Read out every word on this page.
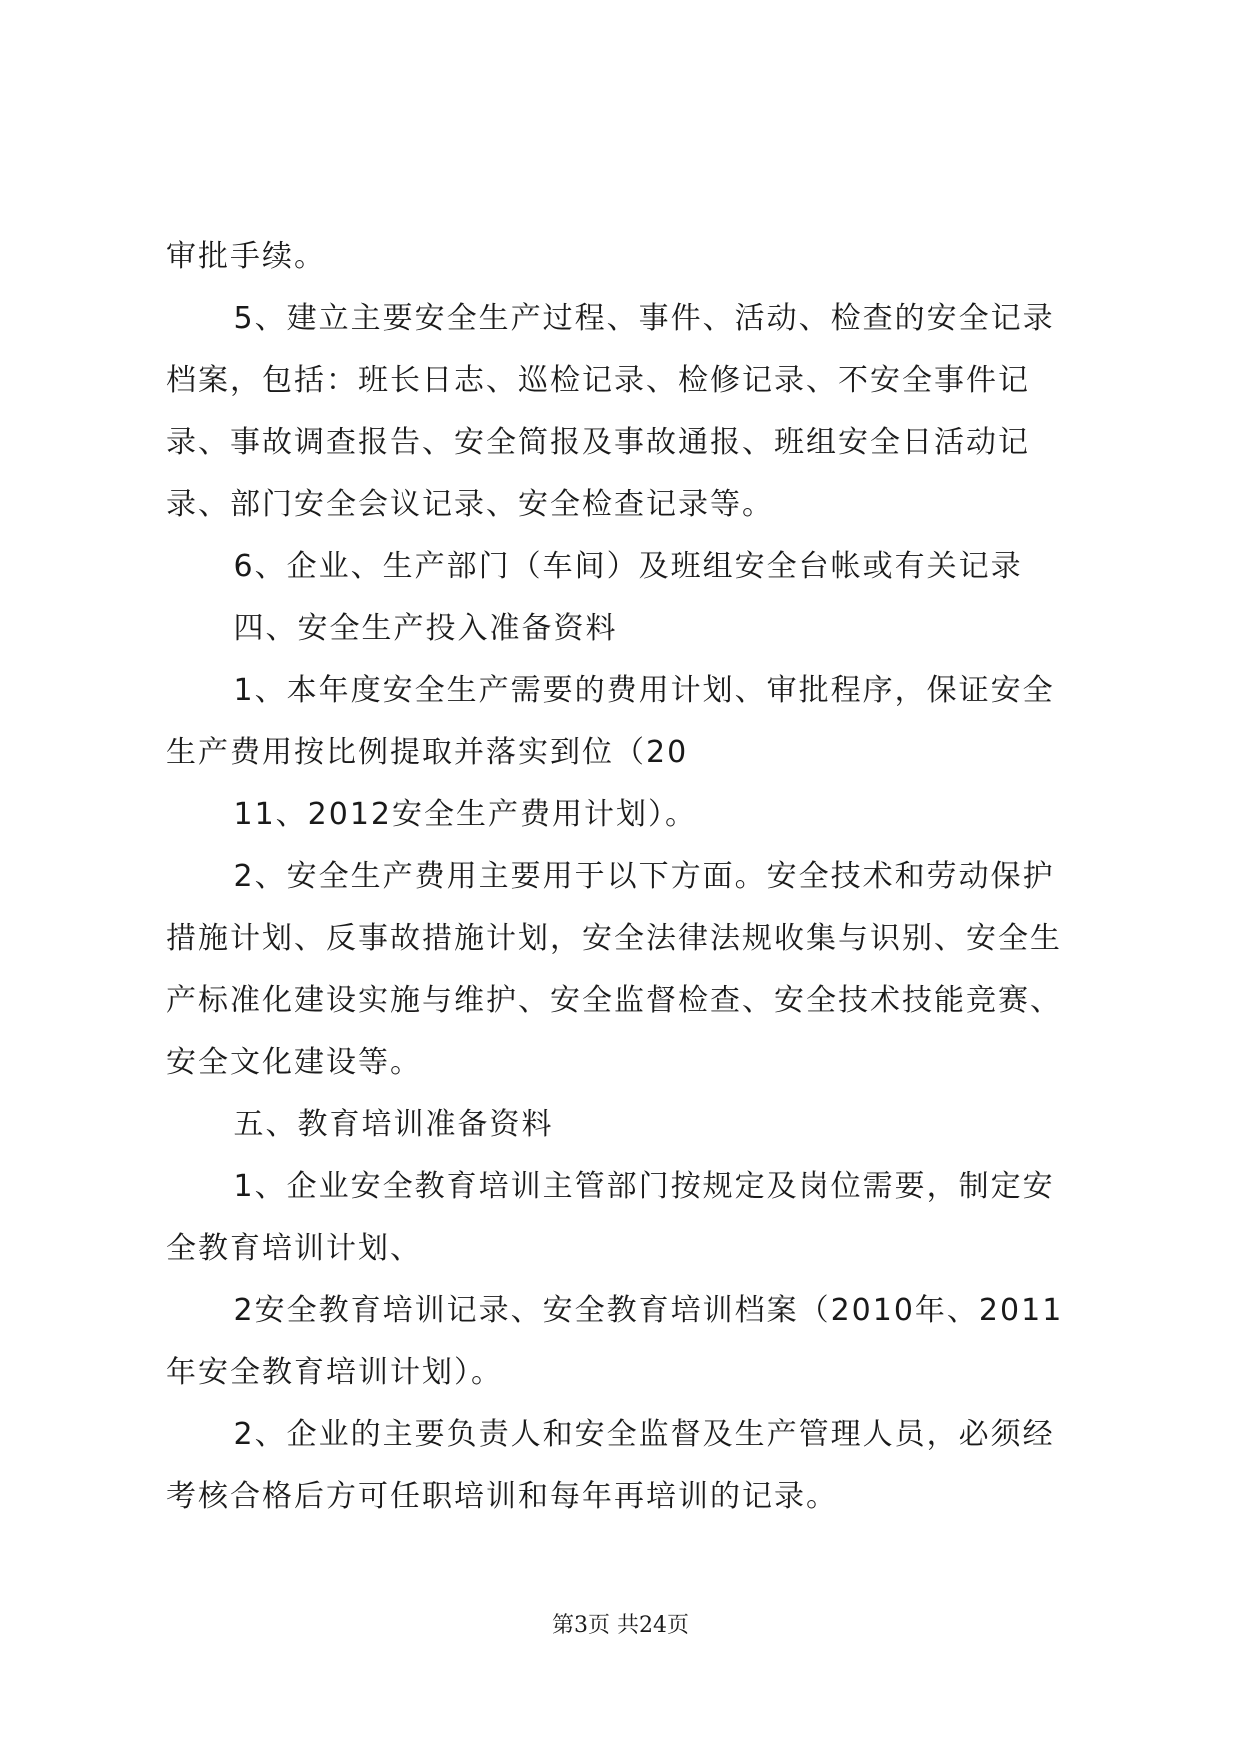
审批手续。

5、建立主要安全生产过程、事件、活动、检查的安全记录档案，包括：班长日志、巡检记录、检修记录、不安全事件记录、事故调查报告、安全简报及事故通报、班组安全日活动记录、部门安全会议记录、安全检查记录等。

6、企业、生产部门（车间）及班组安全台帐或有关记录

四、安全生产投入准备资料

1、本年度安全生产需要的费用计划、审批程序，保证安全生产费用按比例提取并落实到位（20

11、2012安全生产费用计划）。

2、安全生产费用主要用于以下方面。安全技术和劳动保护措施计划、反事故措施计划，安全法律法规收集与识别、安全生产标准化建设实施与维护、安全监督检查、安全技术技能竞赛、安全文化建设等。

五、教育培训准备资料

1、企业安全教育培训主管部门按规定及岗位需要，制定安全教育培训计划、

2安全教育培训记录、安全教育培训档案（2010年、2011年安全教育培训计划）。

2、企业的主要负责人和安全监督及生产管理人员，必须经考核合格后方可任职培训和每年再培训的记录。

第3页 共24页
